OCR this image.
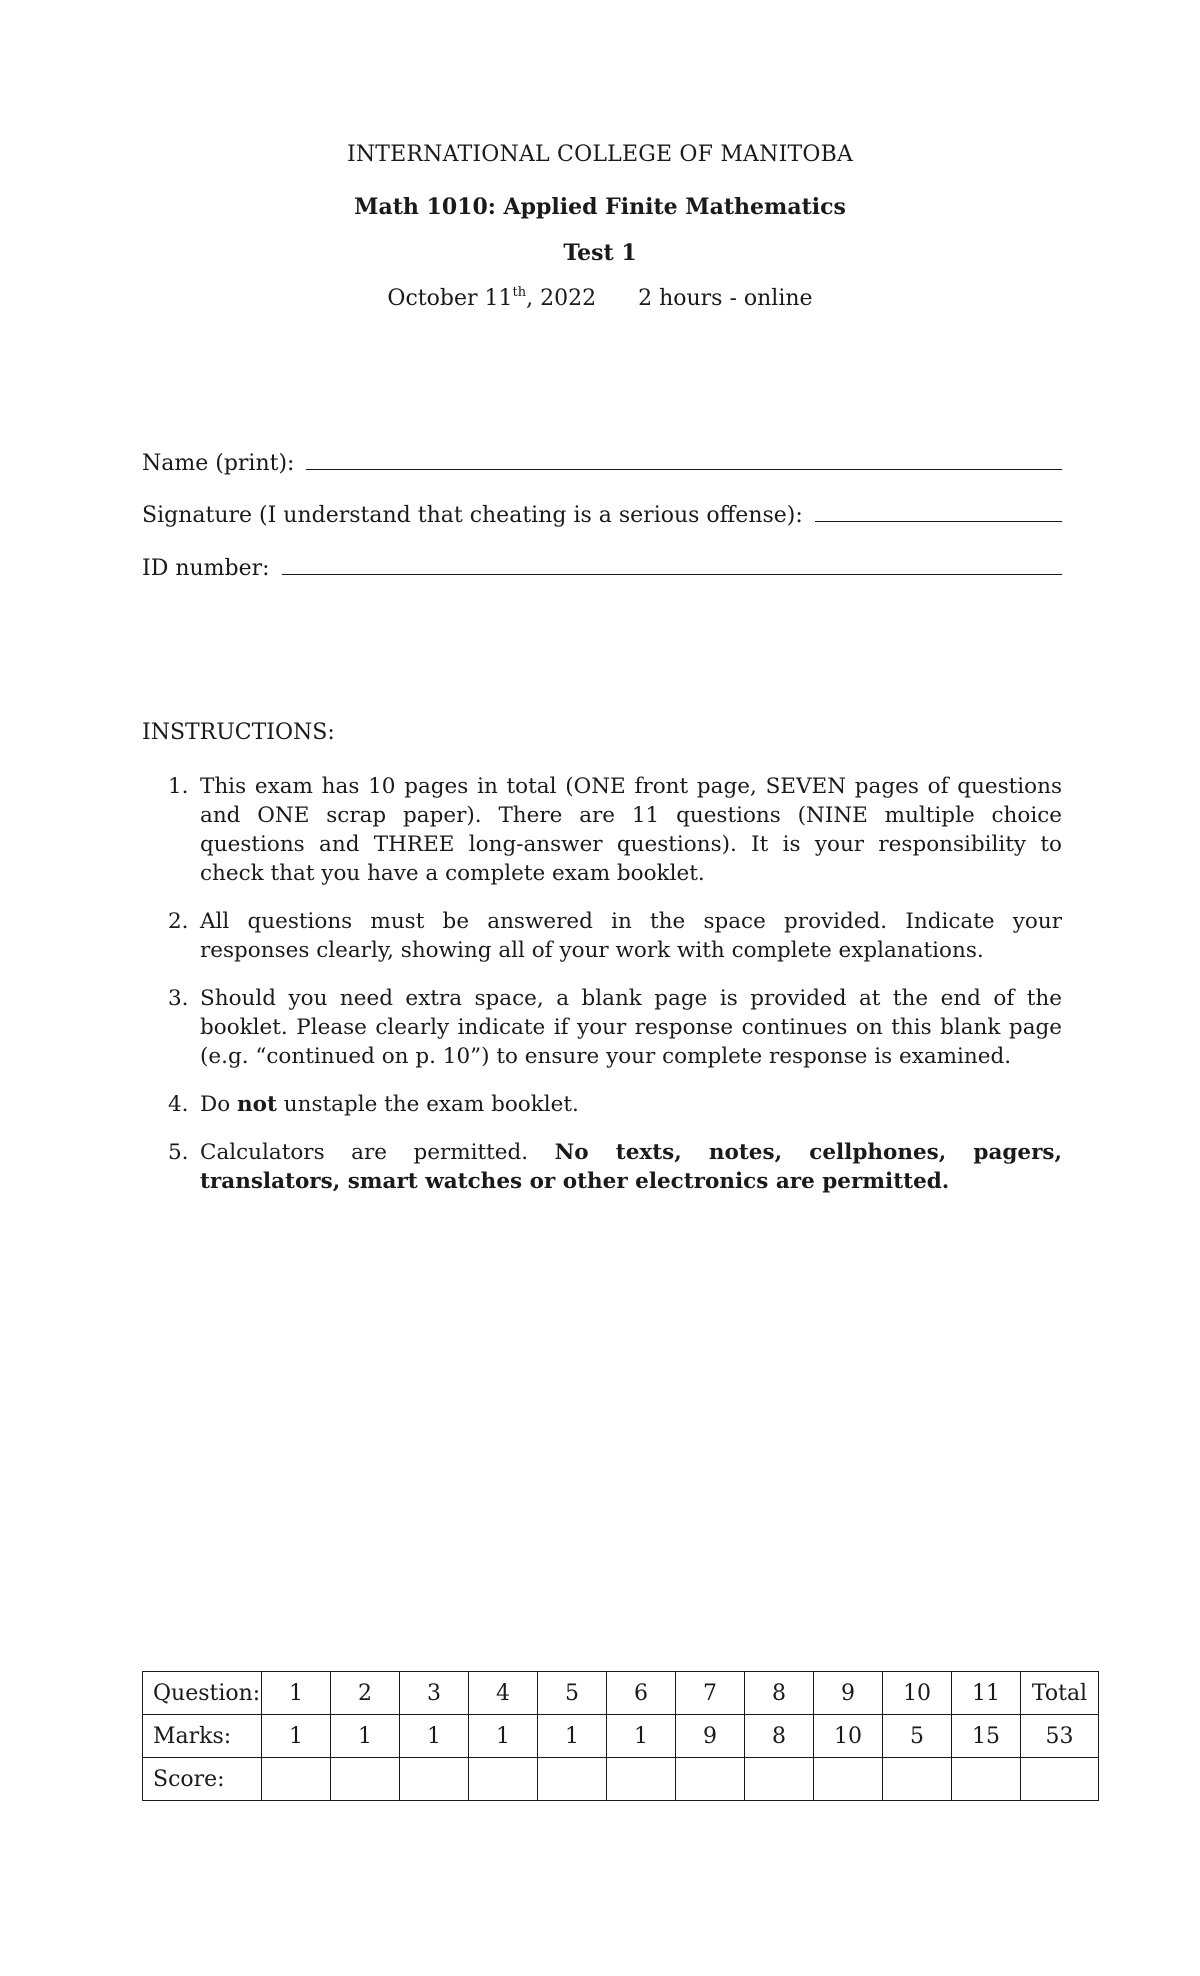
INTERNATIONAL COLLEGE OF MANITOBA
Math 1010: Applied Finite Mathematics
Test 1
October 11th, 2022 2 hours - online
Name (print):
Signature (I understand that cheating is a serious offense):
ID number:
INSTRUCTIONS:
1. This exam has 10 pages in total (ONE front page, SEVEN pages of questions and ONE scrap paper). There are 11 questions (NINE multiple choice questions and THREE long-answer questions). It is your responsibility to check that you have a complete exam booklet.
2. All questions must be answered in the space provided. Indicate your responses clearly, showing all of your work with complete explanations.
3. Should you need extra space, a blank page is provided at the end of the booklet. Please clearly indicate if your response continues on this blank page (e.g. “continued on p. 10”) to ensure your complete response is examined.
4. Do not unstaple the exam booklet.
5. Calculators are permitted. No texts, notes, cellphones, pagers, translators, smart watches or other electronics are permitted.
Question:	1	2	3	4	5	6	7	8	9	10	11	Total
Marks:	1	1	1	1	1	1	9	8	10	5	15	53
Score:												
